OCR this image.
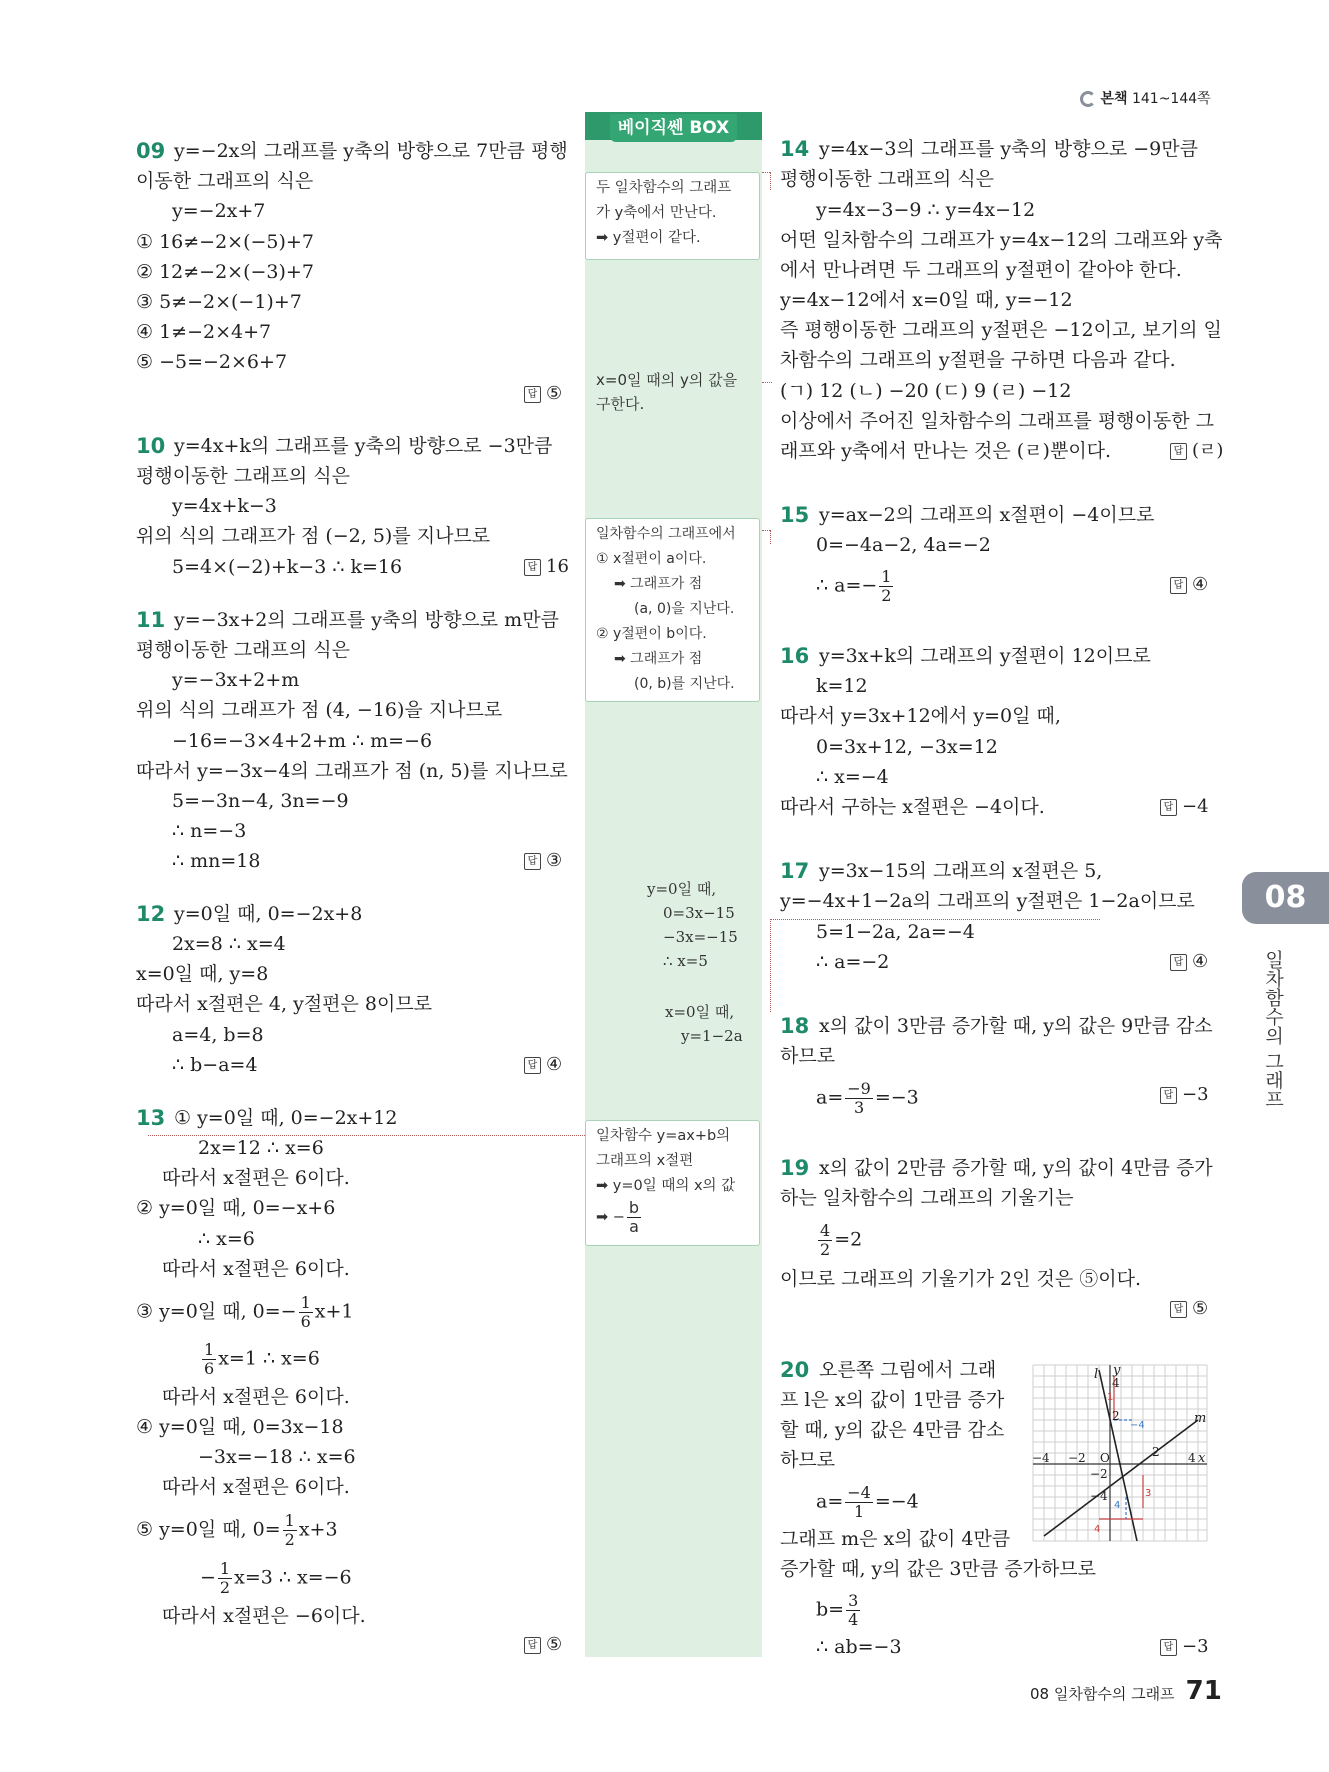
본책 141~144쪽
베이직쎈 BOX
두 일차함수의 그래프
가 y축에서 만난다.
➡ y절편이 같다.
x=0일 때의 y의 값을
구한다.
일차함수의 그래프에서
① x절편이 a이다.
➡ 그래프가 점
(a, 0)을 지난다.
② y절편이 b이다.
➡ 그래프가 점
(0, b)를 지난다.
y=0일 때,
0=3x−15
−3x=−15
∴ x=5
x=0일 때,
y=1−2a
일차함수 y=ax+b의
그래프의 x절편
➡ y=0일 때의 x의 값
➡ − $\frac{b}{a}$
09 y=−2x의 그래프를 y축의 방향으로 7만큼 평행
이동한 그래프의 식은
y=−2x+7
① 16≠−2×(−5)+7
② 12≠−2×(−3)+7
③ 5≠−2×(−1)+7
④ 1≠−2×4+7
⑤ −5=−2×6+7
답 ⑤
10 y=4x+k의 그래프를 y축의 방향으로 −3만큼
평행이동한 그래프의 식은
y=4x+k−3
위의 식의 그래프가 점 (−2, 5)를 지나므로
5=4×(−2)+k−3 ∴ k=16	답 16
11 y=−3x+2의 그래프를 y축의 방향으로 m만큼
평행이동한 그래프의 식은
y=−3x+2+m
위의 식의 그래프가 점 (4, −16)을 지나므로
−16=−3×4+2+m ∴ m=−6
따라서 y=−3x−4의 그래프가 점 (n, 5)를 지나므로
5=−3n−4, 3n=−9
∴ n=−3
∴ mn=18	답 ③
12 y=0일 때, 0=−2x+8
2x=8 ∴ x=4
x=0일 때, y=8
따라서 x절편은 4, y절편은 8이므로
a=4, b=8
∴ b−a=4	답 ④
13 ① y=0일 때, 0=−2x+12
2x=12 ∴ x=6
따라서 x절편은 6이다.
② y=0일 때, 0=−x+6
∴ x=6
따라서 x절편은 6이다.
③ y=0일 때, $0=- \frac{1}{6} x+1$
$\frac{1}{6} x=1$ ∴ x=6
따라서 x절편은 6이다.
④ y=0일 때, 0=3x−18
−3x=−18 ∴ x=6
따라서 x절편은 6이다.
⑤ y=0일 때, $0= \frac{1}{2} x+3$
− $\frac{1}{2} x=3$ ∴ x=−6
따라서 x절편은 −6이다.
답 ⑤
14 y=4x−3의 그래프를 y축의 방향으로 −9만큼
평행이동한 그래프의 식은
y=4x−3−9 ∴ y=4x−12
어떤 일차함수의 그래프가 y=4x−12의 그래프와 y축
에서 만나려면 두 그래프의 y절편이 같아야 한다.
y=4x−12에서 x=0일 때, y=−12
즉 평행이동한 그래프의 y절편은 −12이고, 보기의 일
차함수의 그래프의 y절편을 구하면 다음과 같다.
(ㄱ) 12 (ㄴ) −20 (ㄷ) 9 (ㄹ) −12
이상에서 주어진 일차함수의 그래프를 평행이동한 그
래프와 y축에서 만나는 것은 (ㄹ)뿐이다.	답 (ㄹ)
15 y=ax−2의 그래프의 x절편이 −4이므로
0=−4a−2, 4a=−2
∴ $a=- \frac{1}{2}$	답 ④
16 y=3x+k의 그래프의 y절편이 12이므로
k=12
따라서 y=3x+12에서 y=0일 때,
0=3x+12, −3x=12
∴ x=−4
따라서 구하는 x절편은 −4이다.	답 −4
17 y=3x−15의 그래프의 x절편은 5,
y=−4x+1−2a의 그래프의 y절편은 1−2a이므로
5=1−2a, 2a=−4
∴ a=−2	답 ④
18 x의 값이 3만큼 증가할 때, y의 값은 9만큼 감소
하므로
$a= \frac{-9}{3} =-3$	답 −3
19 x의 값이 2만큼 증가할 때, y의 값이 4만큼 증가
하는 일차함수의 그래프의 기울기는
$\frac{4}{2} =2$
이므로 그래프의 기울기가 2인 것은 ⑤이다.
답 ⑤
20 오른쪽 그림에서 그래
프 l은 x의 값이 1만큼 증가
할 때, y의 값은 4만큼 감소
하므로
$a= \frac{-4}{1} =-4$
그래프 m은 x의 값이 4만큼
증가할 때, y의 값은 3만큼 증가하므로
$b= \frac{3}{4}$
∴ ab=−3	답 −3
l y
m
x
O
−4 −2	2 4
4
2
−2
−4
1
−4
3
4
4
08
일차함수의 그래프
08 일차함수의 그래프 71
